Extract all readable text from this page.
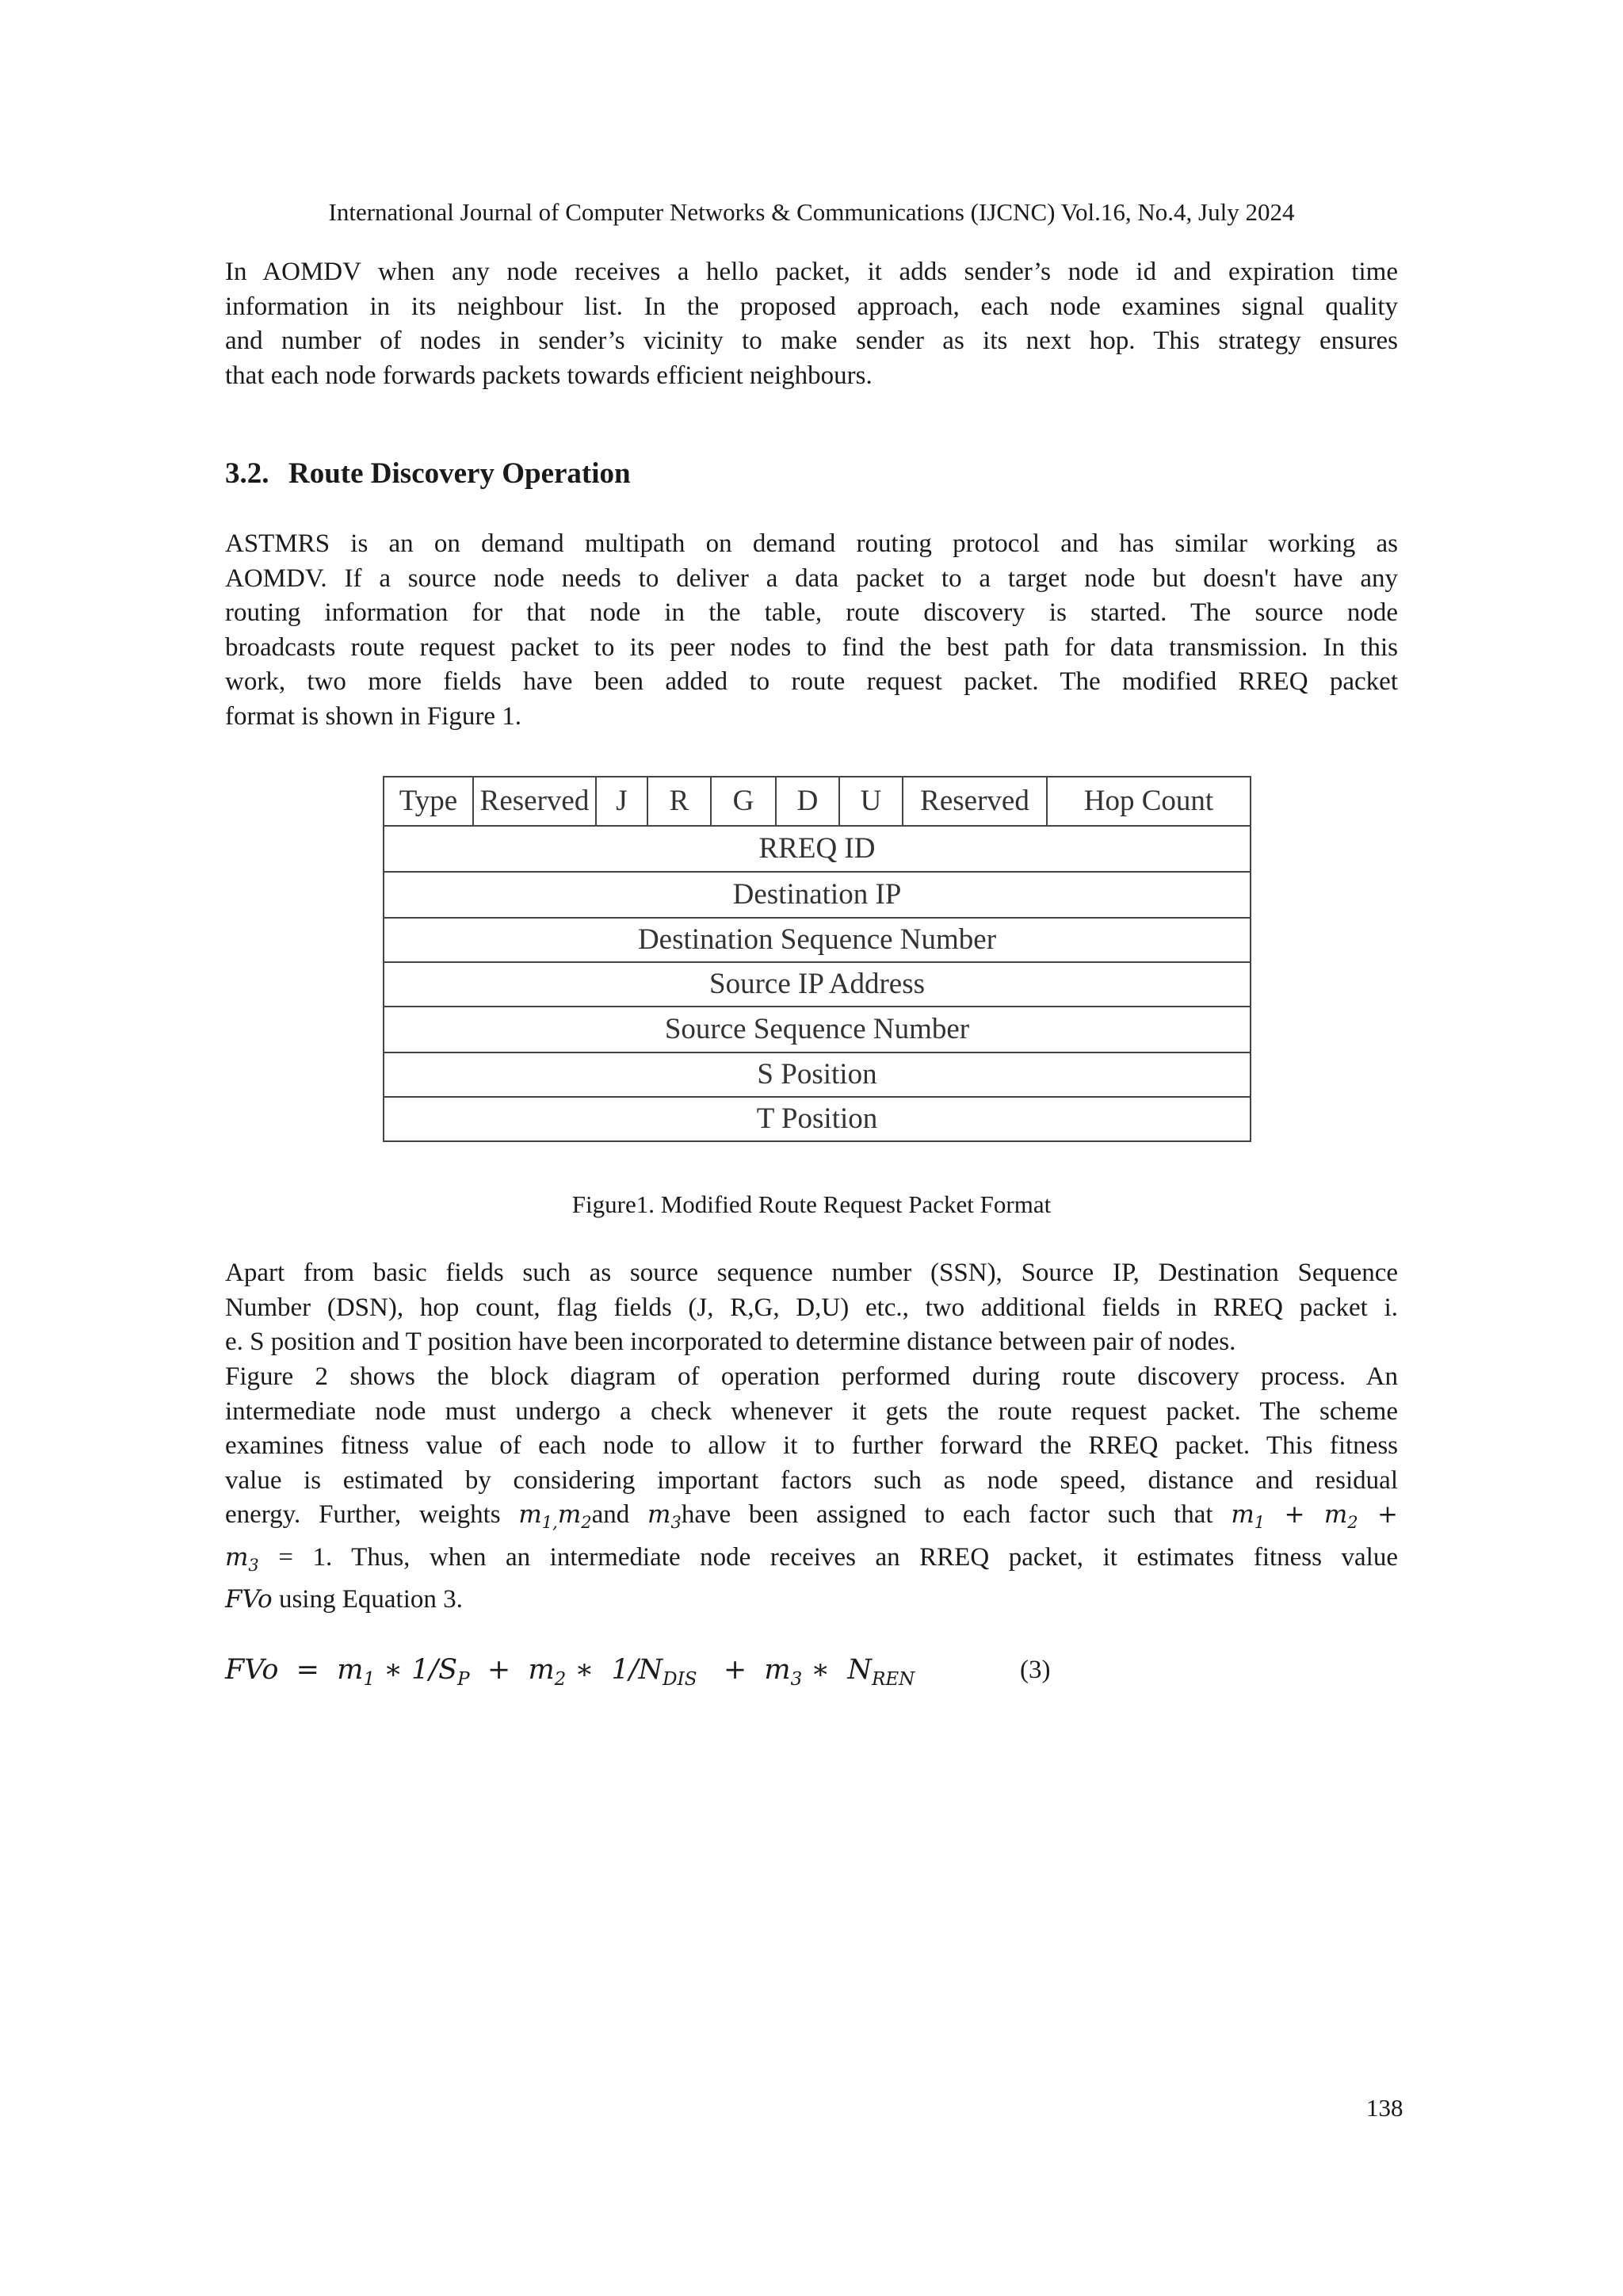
International Journal of Computer Networks & Communications (IJCNC) Vol.16, No.4, July 2024
In AOMDV when any node receives a hello packet, it adds sender’s node id and expiration time
information in its neighbour list. In the proposed approach, each node examines signal quality
and number of nodes in sender’s vicinity to make sender as its next hop. This strategy ensures
that each node forwards packets towards efficient neighbours.
3.2. Route Discovery Operation
ASTMRS is an on demand multipath on demand routing protocol and has similar working as
AOMDV. If a source node needs to deliver a data packet to a target node but doesn't have any
routing information for that node in the table, route discovery is started. The source node
broadcasts route request packet to its peer nodes to find the best path for data transmission. In this
work, two more fields have been added to route request packet. The modified RREQ packet
format is shown in Figure 1.
Type	Reserved	J	R	G	D	U	Reserved	Hop Count
RREQ ID
Destination IP
Destination Sequence Number
Source IP Address
Source Sequence Number
S Position
T Position
Figure1. Modified Route Request Packet Format
Apart from basic fields such as source sequence number (SSN), Source IP, Destination Sequence
Number (DSN), hop count, flag fields (J, R,G, D,U) etc., two additional fields in RREQ packet i.
e. S position and T position have been incorporated to determine distance between pair of nodes.
Figure 2 shows the block diagram of operation performed during route discovery process. An
intermediate node must undergo a check whenever it gets the route request packet. The scheme
examines fitness value of each node to allow it to further forward the RREQ packet. This fitness
value is estimated by considering important factors such as node speed, distance and residual
energy. Further, weights $m_{1,}m_2and$ $m_3have$ been assigned to each factor such that $m_1 + m_2$ +
$m_3 = 1$. Thus, when an intermediate node receives an RREQ packet, it estimates fitness value
FVo using Equation 3.
FVo  =  $m_1$ ∗ $1/S_P + m_2$ ∗  $1/N_{DIS} + m_3$ ∗  $N_{REN}$	(3)
138
